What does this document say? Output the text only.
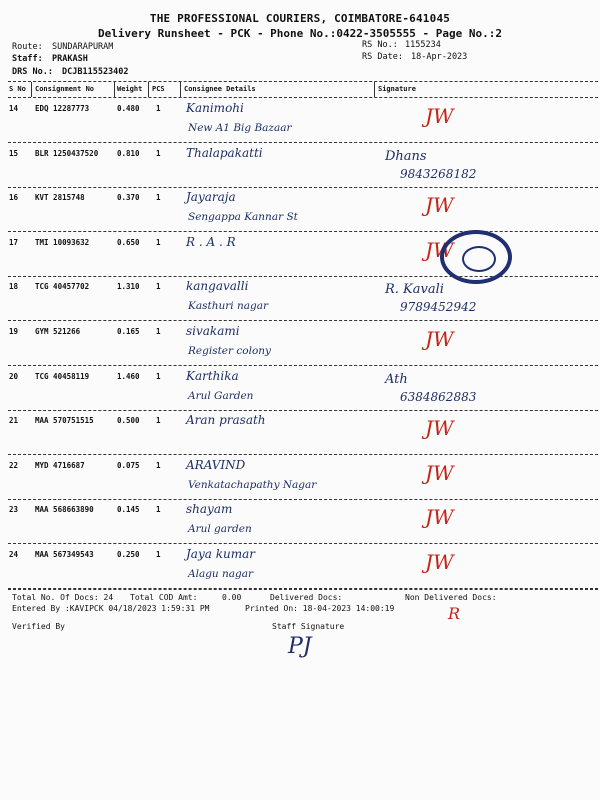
THE PROFESSIONAL COURIERS, COIMBATORE-641045
Delivery Runsheet - PCK - Phone No.:0422-3505555 - Page No.:2
Route: SUNDARAPURAM
Staff: PRAKASH
DRS No.: DCJB115523402
RS No.: 1155234
RS Date: 18-Apr-2023
S No Consignment No	Weight PCS	Consignee Details	Signature
14 EDQ 12287773	0.480 1 Kanimohi
New A1 Big Bazaar	JW
15 BLR 1250437520	0.810 1 Thalapakatti	Dhans
9843268182
16 KVT 2815748	0.370 1 Jayaraja
Sengappa Kannar St	JW
17 TMI 10093632	0.650 1 R . A . R	JW
18 TCG 40457702	1.310 1 kangavalli
Kasthuri nagar
R. Kavali
9789452942
19 GYM 521266	0.165 1 sivakami
Register colony	JW
20 TCG 40458119	1.460 1 Karthika
Arul Garden
Ath
6384862883
21 MAA 570751515	0.500 1 Aran prasath	JW
22 MYD 4716687	0.075 1 ARAVIND
Venkatachapathy Nagar	JW
23 MAA 568663890	0.145 1 shayam
Arul garden	JW
24 MAA 567349543	0.250 1 Jaya kumar
Alagu nagar	JW
Total No. Of Docs: 24 Total COD Amt:	0.00	Delivered Docs:	Non Delivered Docs:
Entered By :KAVIPCK 04/18/2023 1:59:31 PM	Printed On: 18-04-2023 14:00:19
Verified By	Staff Signature
PJ
R
